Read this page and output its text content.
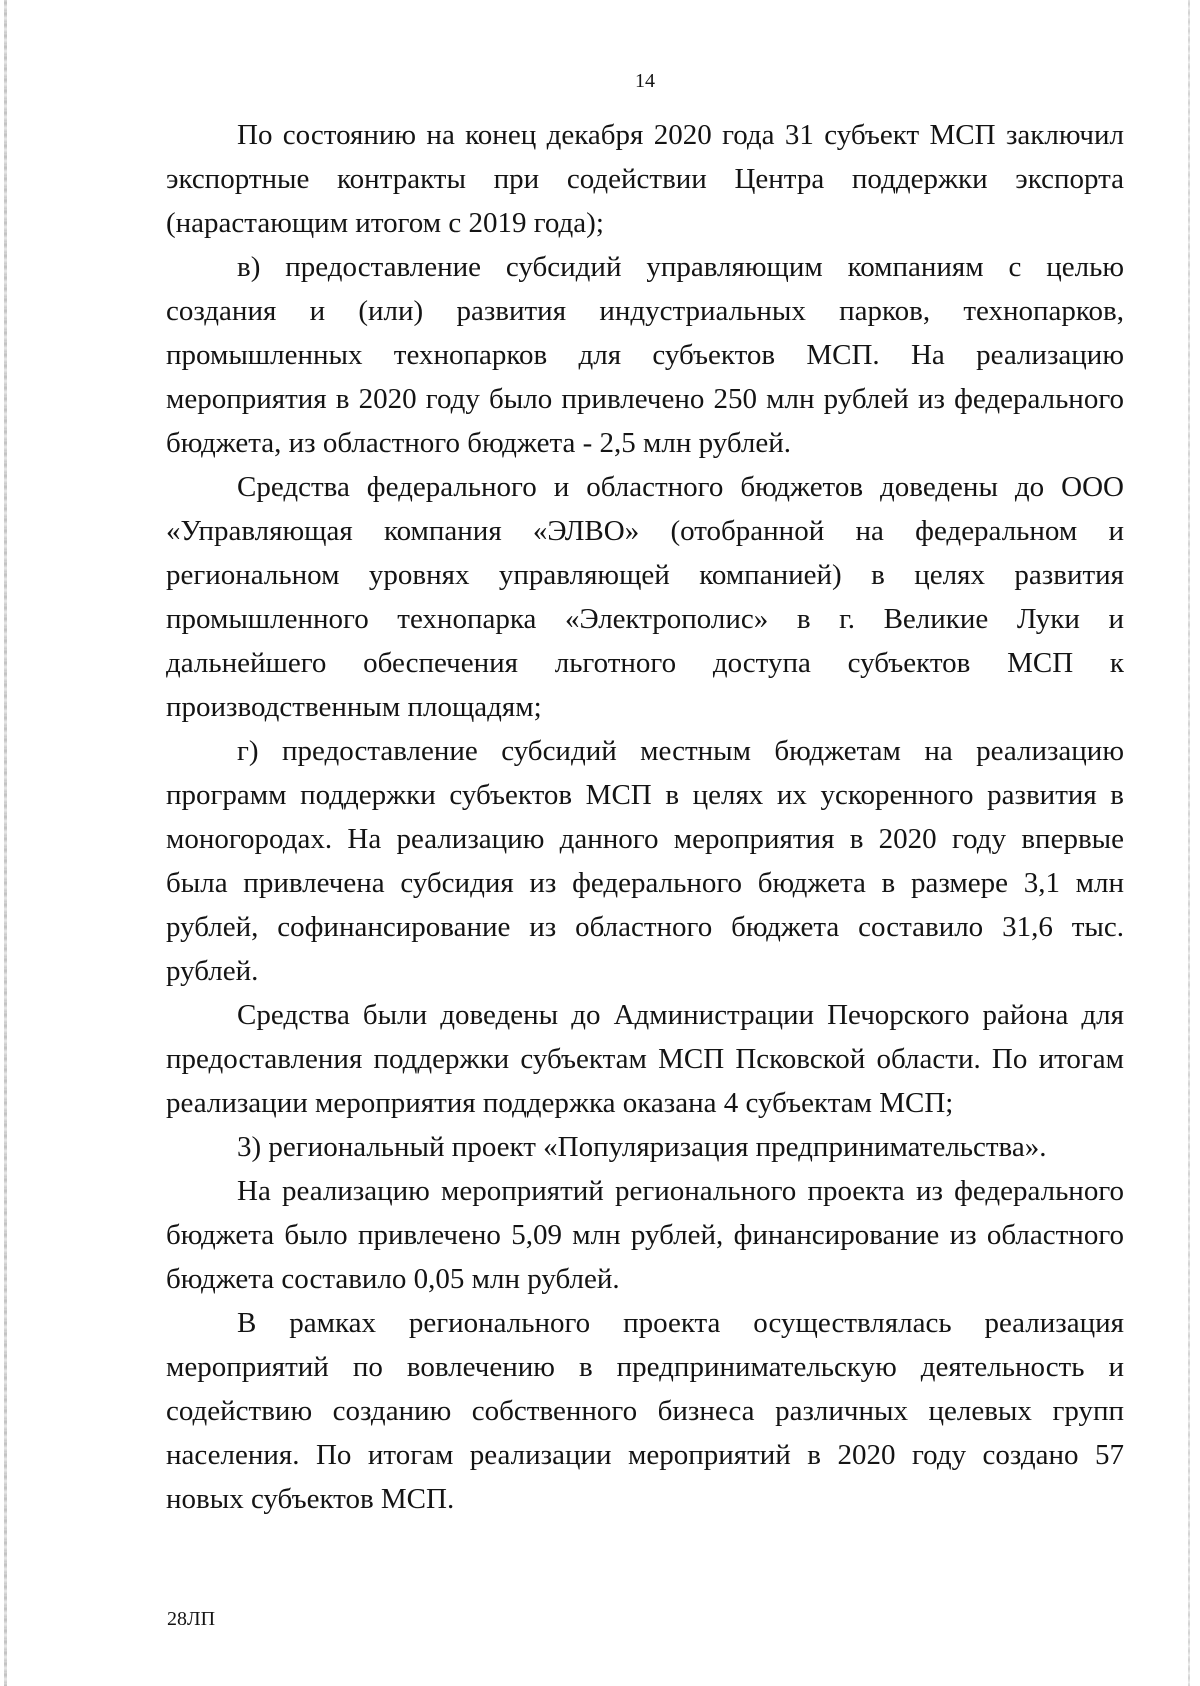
14

По состоянию на конец декабря 2020 года 31 субъект МСП заключил экспортные контракты при содействии Центра поддержки экспорта (нарастающим итогом с 2019 года);

в) предоставление субсидий управляющим компаниям с целью создания и (или) развития индустриальных парков, технопарков, промышленных технопарков для субъектов МСП. На реализацию мероприятия в 2020 году было привлечено 250 млн рублей из федерального бюджета, из областного бюджета - 2,5 млн рублей.

Средства федерального и областного бюджетов доведены до ООО «Управляющая компания «ЭЛВО» (отобранной на федеральном и региональном уровнях управляющей компанией) в целях развития промышленного технопарка «Электрополис» в г. Великие Луки и дальнейшего обеспечения льготного доступа субъектов МСП к производственным площадям;

г) предоставление субсидий местным бюджетам на реализацию программ поддержки субъектов МСП в целях их ускоренного развития в моногородах. На реализацию данного мероприятия в 2020 году впервые была привлечена субсидия из федерального бюджета в размере 3,1 млн рублей, софинансирование из областного бюджета составило 31,6 тыс. рублей.

Средства были доведены до Администрации Печорского района для предоставления поддержки субъектам МСП Псковской области. По итогам реализации мероприятия поддержка оказана 4 субъектам МСП;

3) региональный проект «Популяризация предпринимательства».

На реализацию мероприятий регионального проекта из федерального бюджета было привлечено 5,09 млн рублей, финансирование из областного бюджета составило 0,05 млн рублей.

В рамках регионального проекта осуществлялась реализация мероприятий по вовлечению в предпринимательскую деятельность и содействию созданию собственного бизнеса различных целевых групп населения. По итогам реализации мероприятий в 2020 году создано 57 новых субъектов МСП.

28ЛП
